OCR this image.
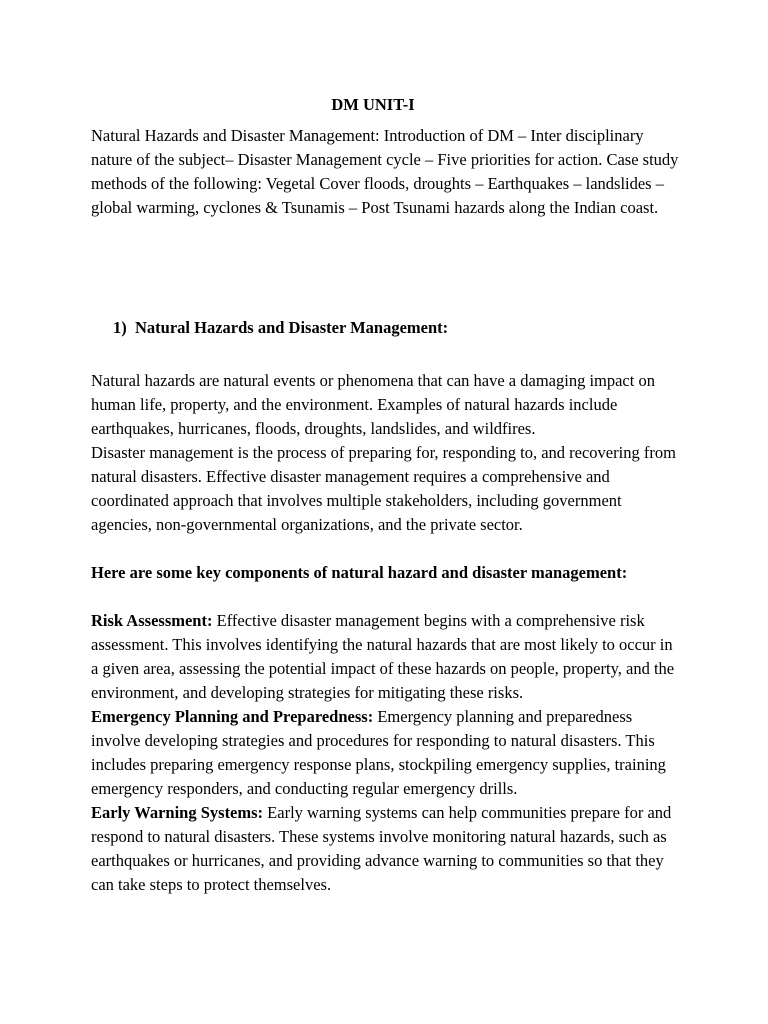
DM UNIT-I

Natural Hazards and Disaster Management: Introduction of DM – Inter disciplinary nature of the subject– Disaster Management cycle – Five priorities for action. Case study methods of the following: Vegetal Cover floods, droughts – Earthquakes – landslides – global warming, cyclones & Tsunamis – Post Tsunami hazards along the Indian coast.

1) Natural Hazards and Disaster Management:

Natural hazards are natural events or phenomena that can have a damaging impact on human life, property, and the environment. Examples of natural hazards include earthquakes, hurricanes, floods, droughts, landslides, and wildfires.

Disaster management is the process of preparing for, responding to, and recovering from natural disasters. Effective disaster management requires a comprehensive and coordinated approach that involves multiple stakeholders, including government agencies, non-governmental organizations, and the private sector.

Here are some key components of natural hazard and disaster management:

Risk Assessment: Effective disaster management begins with a comprehensive risk assessment. This involves identifying the natural hazards that are most likely to occur in a given area, assessing the potential impact of these hazards on people, property, and the environment, and developing strategies for mitigating these risks.

Emergency Planning and Preparedness: Emergency planning and preparedness involve developing strategies and procedures for responding to natural disasters. This includes preparing emergency response plans, stockpiling emergency supplies, training emergency responders, and conducting regular emergency drills.

Early Warning Systems: Early warning systems can help communities prepare for and respond to natural disasters. These systems involve monitoring natural hazards, such as earthquakes or hurricanes, and providing advance warning to communities so that they can take steps to protect themselves.
